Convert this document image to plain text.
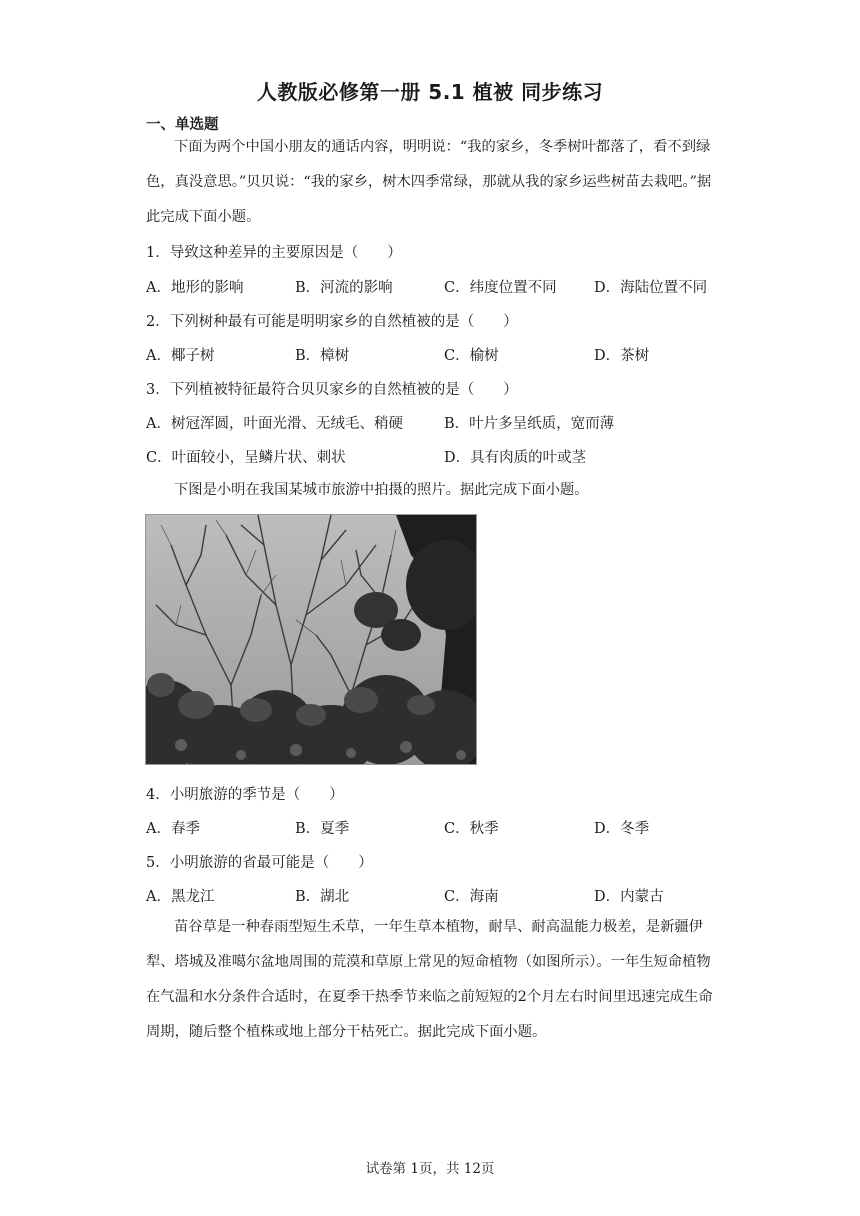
人教版必修第一册 5.1 植被 同步练习
一、单选题
下面为两个中国小朋友的通话内容，明明说：“我的家乡，冬季树叶都落了，看不到绿色，真没意思。”贝贝说：“我的家乡，树木四季常绿，那就从我的家乡运些树苗去栽吧。”据此完成下面小题。
1．导致这种差异的主要原因是（　　）
A．地形的影响	B．河流的影响	C．纬度位置不同	D．海陆位置不同
2．下列树种最有可能是明明家乡的自然植被的是（　　）
A．椰子树	B．樟树	C．榆树	D．茶树
3．下列植被特征最符合贝贝家乡的自然植被的是（　　）
A．树冠浑圆，叶面光滑、无绒毛、稍硬	B．叶片多呈纸质，宽而薄
C．叶面较小，呈鳞片状、刺状	D．具有肉质的叶或茎
下图是小明在我国某城市旅游中拍摄的照片。据此完成下面小题。
4．小明旅游的季节是（　　）
A．春季	B．夏季	C．秋季	D．冬季
5．小明旅游的省最可能是（　　）
A．黑龙江	B．湖北	C．海南	D．内蒙古
苗谷草是一种春雨型短生禾草，一年生草本植物，耐旱、耐高温能力极差，是新疆伊犁、塔城及准噶尔盆地周围的荒漠和草原上常见的短命植物（如图所示）。一年生短命植物在气温和水分条件合适时，在夏季干热季节来临之前短短的2个月左右时间里迅速完成生命周期，随后整个植株或地上部分干枯死亡。据此完成下面小题。
试卷第 1页，共 12页
